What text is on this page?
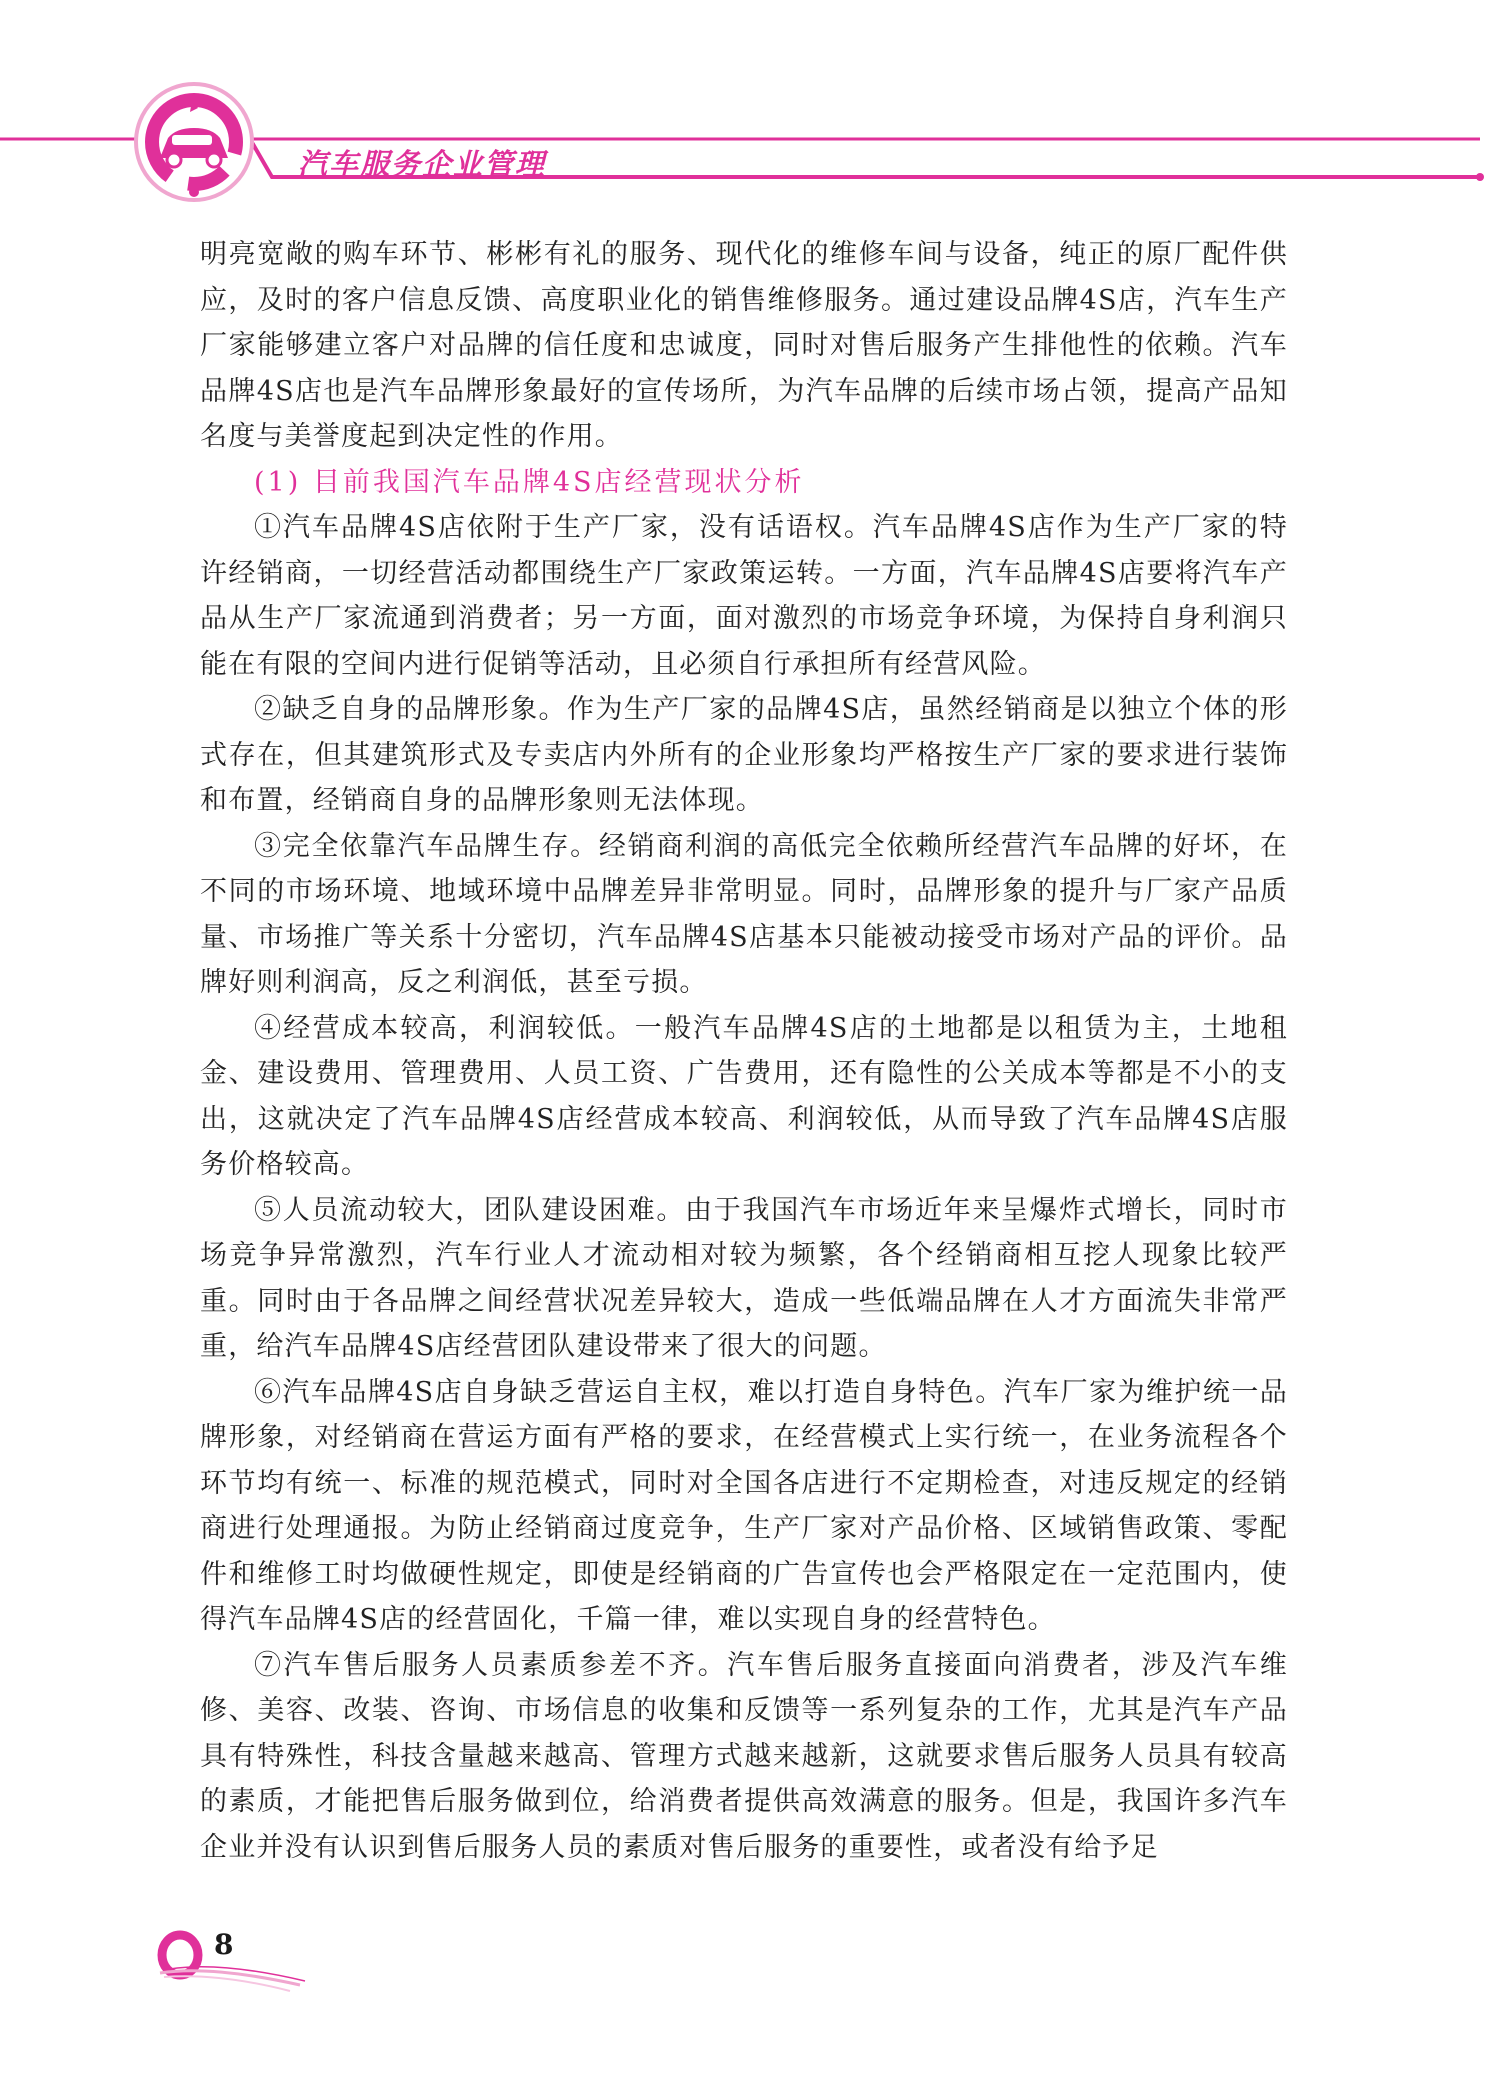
汽车服务企业管理

明亮宽敞的购车环节、彬彬有礼的服务、现代化的维修车间与设备，纯正的原厂配件供应，及时的客户信息反馈、高度职业化的销售维修服务。通过建设品牌4S店，汽车生产厂家能够建立客户对品牌的信任度和忠诚度，同时对售后服务产生排他性的依赖。汽车品牌4S店也是汽车品牌形象最好的宣传场所，为汽车品牌的后续市场占领，提高产品知名度与美誉度起到决定性的作用。

(1) 目前我国汽车品牌4S店经营现状分析

①汽车品牌4S店依附于生产厂家，没有话语权。汽车品牌4S店作为生产厂家的特许经销商，一切经营活动都围绕生产厂家政策运转。一方面，汽车品牌4S店要将汽车产品从生产厂家流通到消费者；另一方面，面对激烈的市场竞争环境，为保持自身利润只能在有限的空间内进行促销等活动，且必须自行承担所有经营风险。

②缺乏自身的品牌形象。作为生产厂家的品牌4S店，虽然经销商是以独立个体的形式存在，但其建筑形式及专卖店内外所有的企业形象均严格按生产厂家的要求进行装饰和布置，经销商自身的品牌形象则无法体现。

③完全依靠汽车品牌生存。经销商利润的高低完全依赖所经营汽车品牌的好坏，在不同的市场环境、地域环境中品牌差异非常明显。同时，品牌形象的提升与厂家产品质量、市场推广等关系十分密切，汽车品牌4S店基本只能被动接受市场对产品的评价。品牌好则利润高，反之利润低，甚至亏损。

④经营成本较高，利润较低。一般汽车品牌4S店的土地都是以租赁为主，土地租金、建设费用、管理费用、人员工资、广告费用，还有隐性的公关成本等都是不小的支出，这就决定了汽车品牌4S店经营成本较高、利润较低，从而导致了汽车品牌4S店服务价格较高。

⑤人员流动较大，团队建设困难。由于我国汽车市场近年来呈爆炸式增长，同时市场竞争异常激烈，汽车行业人才流动相对较为频繁，各个经销商相互挖人现象比较严重。同时由于各品牌之间经营状况差异较大，造成一些低端品牌在人才方面流失非常严重，给汽车品牌4S店经营团队建设带来了很大的问题。

⑥汽车品牌4S店自身缺乏营运自主权，难以打造自身特色。汽车厂家为维护统一品牌形象，对经销商在营运方面有严格的要求，在经营模式上实行统一，在业务流程各个环节均有统一、标准的规范模式，同时对全国各店进行不定期检查，对违反规定的经销商进行处理通报。为防止经销商过度竞争，生产厂家对产品价格、区域销售政策、零配件和维修工时均做硬性规定，即使是经销商的广告宣传也会严格限定在一定范围内，使得汽车品牌4S店的经营固化，千篇一律，难以实现自身的经营特色。

⑦汽车售后服务人员素质参差不齐。汽车售后服务直接面向消费者，涉及汽车维修、美容、改装、咨询、市场信息的收集和反馈等一系列复杂的工作，尤其是汽车产品具有特殊性，科技含量越来越高、管理方式越来越新，这就要求售后服务人员具有较高的素质，才能把售后服务做到位，给消费者提供高效满意的服务。但是，我国许多汽车企业并没有认识到售后服务人员的素质对售后服务的重要性，或者没有给予足

8
